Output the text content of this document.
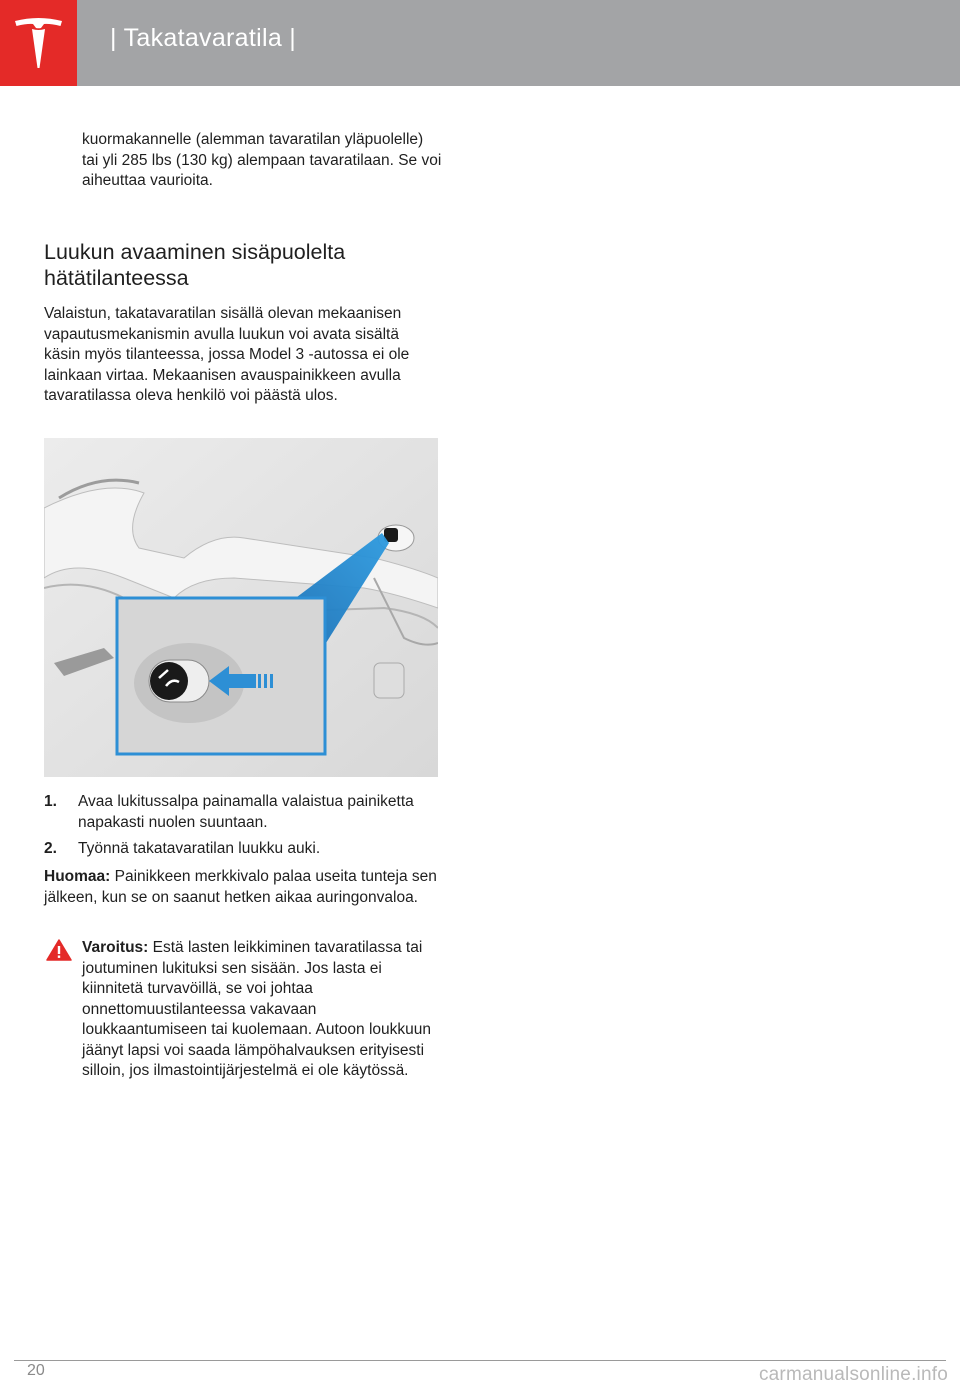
| Takatavaratila |
kuormakannelle (alemman tavaratilan yläpuolelle) tai yli 285 lbs (130 kg) alempaan tavaratilaan. Se voi aiheuttaa vaurioita.
Luukun avaaminen sisäpuolelta hätätilanteessa
Valaistun, takatavaratilan sisällä olevan mekaanisen vapautusmekanismin avulla luukun voi avata sisältä käsin myös tilanteessa, jossa Model 3 -autossa ei ole lainkaan virtaa. Mekaanisen avauspainikkeen avulla tavaratilassa oleva henkilö voi päästä ulos.
1. Avaa lukitussalpa painamalla valaistua painiketta napakasti nuolen suuntaan.
2. Työnnä takatavaratilan luukku auki.
Huomaa: Painikkeen merkkivalo palaa useita tunteja sen jälkeen, kun se on saanut hetken aikaa auringonvaloa.
Varoitus: Estä lasten leikkiminen tavaratilassa tai joutuminen lukituksi sen sisään. Jos lasta ei kiinnitetä turvavöillä, se voi johtaa onnettomuustilanteessa vakavaan loukkaantumiseen tai kuolemaan. Autoon loukkuun jäänyt lapsi voi saada lämpöhalvauksen erityisesti silloin, jos ilmastointijärjestelmä ei ole käytössä.
20	carmanualsonline.info
